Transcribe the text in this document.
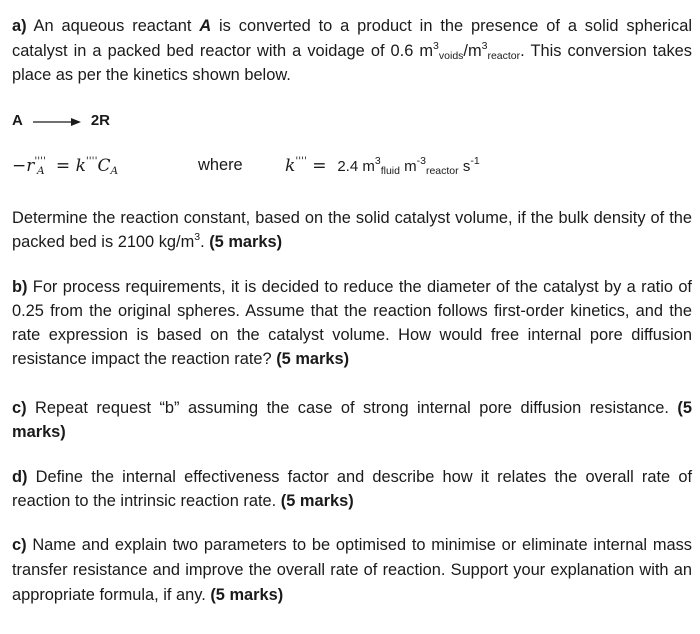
a) An aqueous reactant A is converted to a product in the presence of a solid spherical catalyst in a packed bed reactor with a voidage of 0.6 $m^3_{voids}/m^3_{reactor}$. This conversion takes place as per the kinetics shown below.

A → 2R
$-r''''_A = k''''C_A$	where k'''' =  2.4 $m^3_{fluid}$ $m^{-3}_{reactor}$ $s^{-1}$

Determine the reaction constant, based on the solid catalyst volume, if the bulk density of the packed bed is 2100 $kg/m^3$. (5 marks)

b) For process requirements, it is decided to reduce the diameter of the catalyst by a ratio of 0.25 from the original spheres. Assume that the reaction follows first-order kinetics, and the rate expression is based on the catalyst volume. How would free internal pore diffusion resistance impact the reaction rate? (5 marks)

c) Repeat request “b” assuming the case of strong internal pore diffusion resistance. (5 marks)

d) Define the internal effectiveness factor and describe how it relates the overall rate of reaction to the intrinsic reaction rate. (5 marks)

c) Name and explain two parameters to be optimised to minimise or eliminate internal mass transfer resistance and improve the overall rate of reaction. Support your explanation with an appropriate formula, if any. (5 marks)
